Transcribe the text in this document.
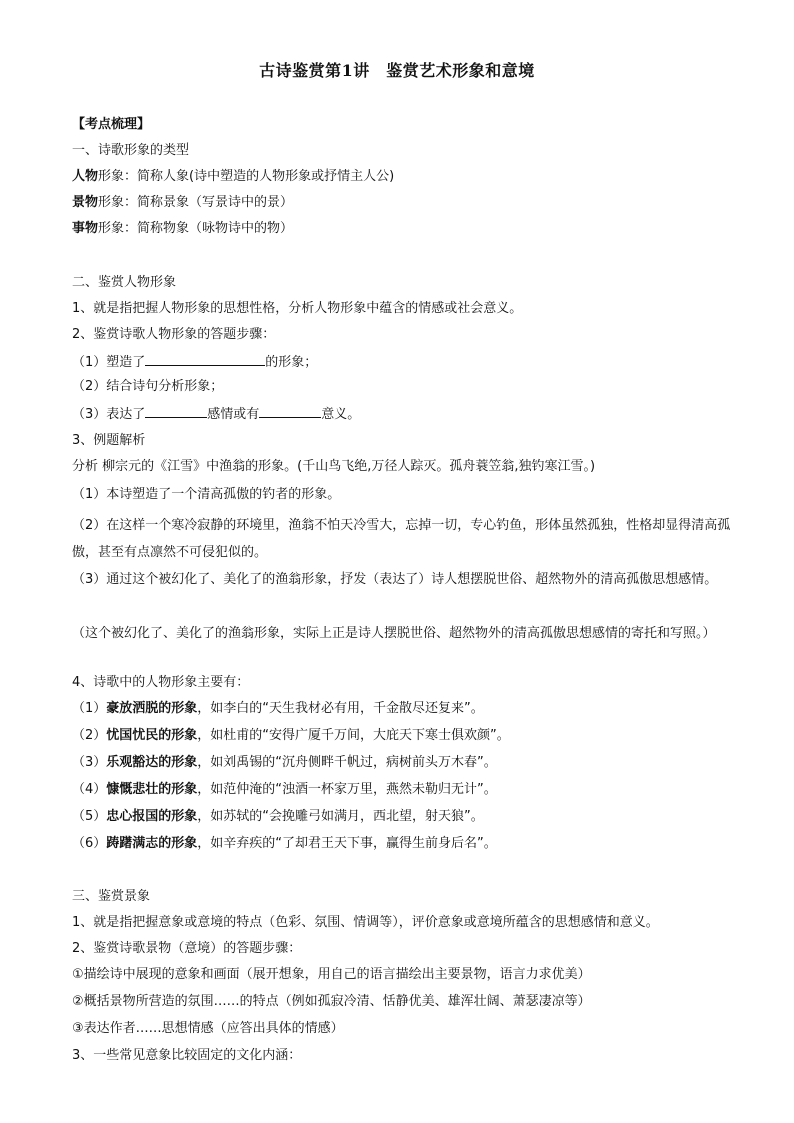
古诗鉴赏第1讲　鉴赏艺术形象和意境
【考点梳理】
一、诗歌形象的类型
人物形象：简称人象(诗中塑造的人物形象或抒情主人公)
景物形象：简称景象（写景诗中的景）
事物形象：简称物象（咏物诗中的物）
二、鉴赏人物形象
1、就是指把握人物形象的思想性格，分析人物形象中蕴含的情感或社会意义。
2、鉴赏诗歌人物形象的答题步骤：
（1）塑造了	的形象；
（2）结合诗句分析形象；
（3）表达了	感情或有	意义。
3、例题解析
分析 柳宗元的《江雪》中渔翁的形象。(千山鸟飞绝,万径人踪灭。孤舟蓑笠翁,独钓寒江雪。)
（1）本诗塑造了一个清高孤傲的钓者的形象。
（2）在这样一个寒冷寂静的环境里，渔翁不怕天冷雪大，忘掉一切，专心钓鱼，形体虽然孤独，性格却显得清高孤傲，甚至有点凛然不可侵犯似的。
（3）通过这个被幻化了、美化了的渔翁形象，抒发（表达了）诗人想摆脱世俗、超然物外的清高孤傲思想感情。
（这个被幻化了、美化了的渔翁形象，实际上正是诗人摆脱世俗、超然物外的清高孤傲思想感情的寄托和写照。）
4、诗歌中的人物形象主要有：
（1）豪放洒脱的形象，如李白的“天生我材必有用，千金散尽还复来”。
（2）忧国忧民的形象，如杜甫的“安得广厦千万间，大庇天下寒士俱欢颜”。
（3）乐观豁达的形象，如刘禹锡的“沉舟侧畔千帆过，病树前头万木春”。
（4）慷慨悲壮的形象，如范仲淹的“浊酒一杯家万里，燕然未勒归无计”。
（5）忠心报国的形象，如苏轼的“会挽雕弓如满月，西北望，射天狼”。
（6）踌躇满志的形象，如辛弃疾的“了却君王天下事，赢得生前身后名”。
三、鉴赏景象
1、就是指把握意象或意境的特点（色彩、氛围、情调等），评价意象或意境所蕴含的思想感情和意义。
2、鉴赏诗歌景物（意境）的答题步骤：
①描绘诗中展现的意象和画面（展开想象，用自己的语言描绘出主要景物，语言力求优美）
②概括景物所营造的氛围……的特点（例如孤寂冷清、恬静优美、雄浑壮阔、萧瑟凄凉等）
③表达作者……思想情感（应答出具体的情感）
3、一些常见意象比较固定的文化内涵：
